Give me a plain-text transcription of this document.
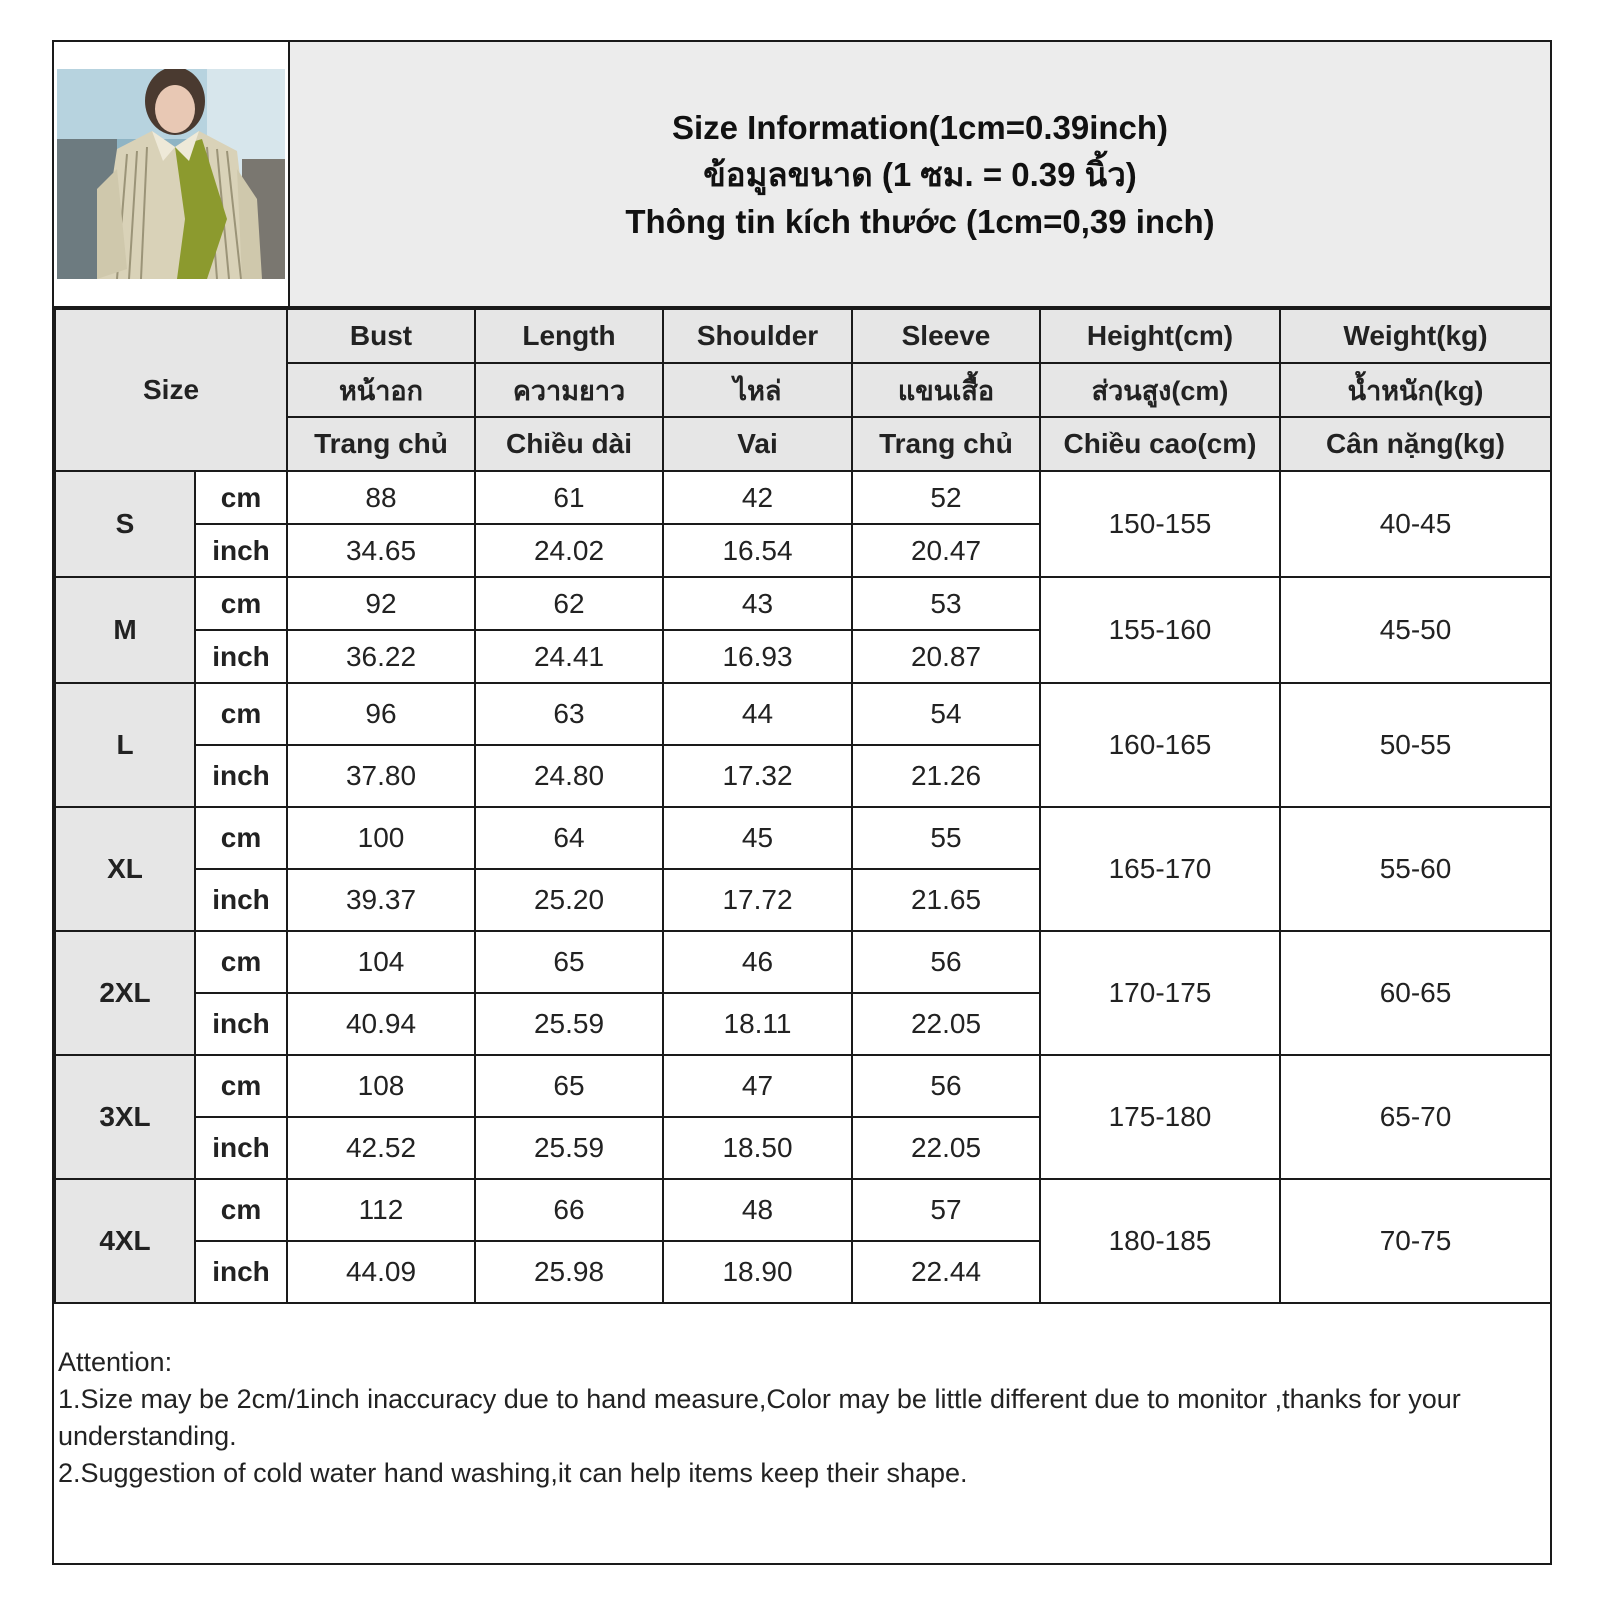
Size Information(1cm=0.39inch)
ข้อมูลขนาด (1 ซม. = 0.39 นิ้ว)
Thông tin kích thước (1cm=0,39 inch)
Size		Bust	Length	Shoulder	Sleeve	Height(cm)	Weight(kg)
		หน้าอก	ความยาว	ไหล่	แขนเสื้อ	ส่วนสูง(cm)	น้ำหนัก(kg)
		Trang chủ	Chiều dài	Vai	Trang chủ	Chiều cao(cm)	Cân nặng(kg)
S	cm	88	61	42	52	150-155	40-45
	inch	34.65	24.02	16.54	20.47		
M	cm	92	62	43	53	155-160	45-50
	inch	36.22	24.41	16.93	20.87		
L	cm	96	63	44	54	160-165	50-55
	inch	37.80	24.80	17.32	21.26		
XL	cm	100	64	45	55	165-170	55-60
	inch	39.37	25.20	17.72	21.65		
2XL	cm	104	65	46	56	170-175	60-65
	inch	40.94	25.59	18.11	22.05		
3XL	cm	108	65	47	56	175-180	65-70
	inch	42.52	25.59	18.50	22.05		
4XL	cm	112	66	48	57	180-185	70-75
	inch	44.09	25.98	18.90	22.44		

Attention:

1.Size may be 2cm/1inch inaccuracy due to hand measure,Color may be little different due to monitor ,thanks for your understanding.

2.Suggestion of cold water hand washing,it can help items keep their shape.
